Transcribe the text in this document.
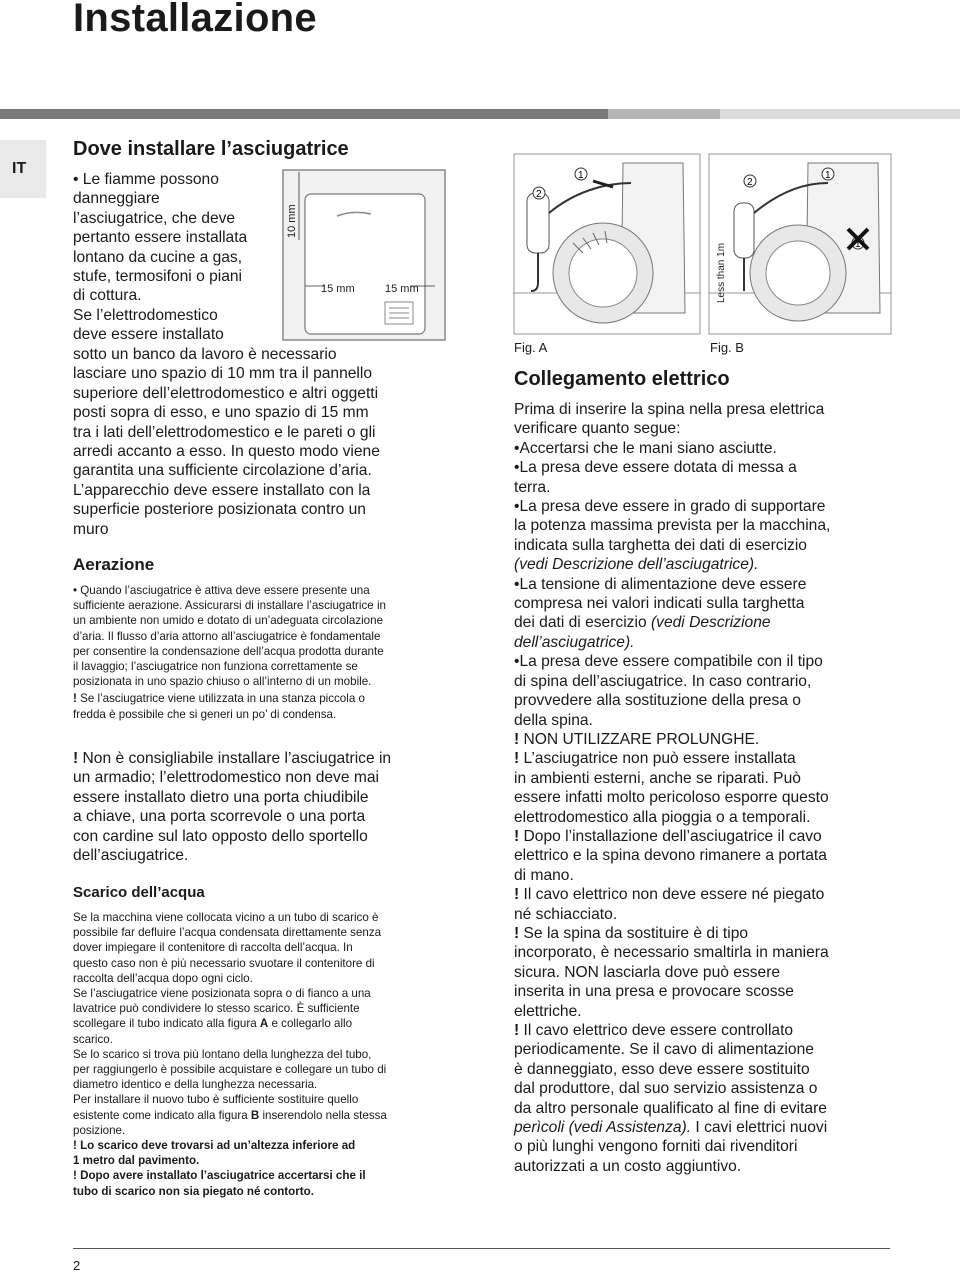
Installazione
IT
Dove installare l’asciugatrice
• Le fiamme possono
danneggiare
l’asciugatrice, che deve
pertanto essere installata
lontano da cucine a gas,
stufe, termosifoni o piani
di cottura.
Se l’elettrodomestico
deve essere installato
sotto un banco da lavoro è necessario
lasciare uno spazio di 10 mm tra il pannello
superiore dell’elettrodomestico e altri oggetti
posti sopra di esso, e uno spazio di 15 mm
tra i lati dell’elettrodomestico e le pareti o gli
arredi accanto a esso. In questo modo viene
garantita una sufficiente circolazione d’aria.
L’apparecchio deve essere installato con la
superficie posteriore posizionata contro un
muro
10 mm
15 mm	15 mm
Aerazione
• Quando l’asciugatrice è attiva deve essere presente una
sufficiente aerazione. Assicurarsi di installare l’asciugatrice in
un ambiente non umido e dotato di un’adeguata circolazione
d’aria. Il flusso d’aria attorno all’asciugatrice è fondamentale
per consentire la condensazione dell’acqua prodotta durante
il lavaggio; l’asciugatrice non funziona correttamente se
posizionata in uno spazio chiuso o all’interno di un mobile.
! Se l’asciugatrice viene utilizzata in una stanza piccola o
fredda è possibile che si generi un po’ di condensa.
! Non è consigliabile installare l’asciugatrice in
un armadio; l’elettrodomestico non deve mai
essere installato dietro una porta chiudibile
a chiave, una porta scorrevole o una porta
con cardine sul lato opposto dello sportello
dell’asciugatrice.
Scarico dell’acqua
Se la macchina viene collocata vicino a un tubo di scarico è
possibile far defluire l’acqua condensata direttamente senza
dover impiegare il contenitore di raccolta dell’acqua. In
questo caso non è più necessario svuotare il contenitore di
raccolta dell’acqua dopo ogni ciclo.
Se l’asciugatrice viene posizionata sopra o di fianco a una
lavatrice può condividere lo stesso scarico. È sufficiente
scollegare il tubo indicato alla figura A e collegarlo allo
scarico.
Se lo scarico si trova più lontano della lunghezza del tubo,
per raggiungerlo è possibile acquistare e collegare un tubo di
diametro identico e della lunghezza necessaria.
Per installare il nuovo tubo è sufficiente sostituire quello
esistente come indicato alla figura B inserendolo nella stessa
posizione.
! Lo scarico deve trovarsi ad un’altezza inferiore ad
1 metro dal pavimento.
! Dopo avere installato l’asciugatrice accertarsi che il
tubo di scarico non sia piegato né contorto.
1
2
Less than 1m
2
1
1
Fig. A	Fig. B
Collegamento elettrico
Prima di inserire la spina nella presa elettrica
verificare quanto segue:
•Accertarsi che le mani siano asciutte.
•La presa deve essere dotata di messa a
terra.
•La presa deve essere in grado di supportare
la potenza massima prevista per la macchina,
indicata sulla targhetta dei dati di esercizio
(vedi Descrizione dell’asciugatrice).
•La tensione di alimentazione deve essere
compresa nei valori indicati sulla targhetta
dei dati di esercizio (vedi Descrizione
dell’asciugatrice).
•La presa deve essere compatibile con il tipo
di spina dell’asciugatrice. In caso contrario,
provvedere alla sostituzione della presa o
della spina.
! NON UTILIZZARE PROLUNGHE.
! L’asciugatrice non può essere installata
in ambienti esterni, anche se riparati. Può
essere infatti molto pericoloso esporre questo
elettrodomestico alla pioggia o a temporali.
! Dopo l’installazione dell’asciugatrice il cavo
elettrico e la spina devono rimanere a portata
di mano.
! Il cavo elettrico non deve essere né piegato
né schiacciato.
! Se la spina da sostituire è di tipo
incorporato, è necessario smaltirla in maniera
sicura. NON lasciarla dove può essere
inserita in una presa e provocare scosse
elettriche.
! Il cavo elettrico deve essere controllato
periodicamente. Se il cavo di alimentazione
è danneggiato, esso deve essere sostituito
dal produttore, dal suo servizio assistenza o
da altro personale qualificato al fine di evitare
perìcoli (vedi Assistenza). I cavi elettrici nuovi
o più lunghi vengono forniti dai rivenditori
autorizzati a un costo aggiuntivo.
2
